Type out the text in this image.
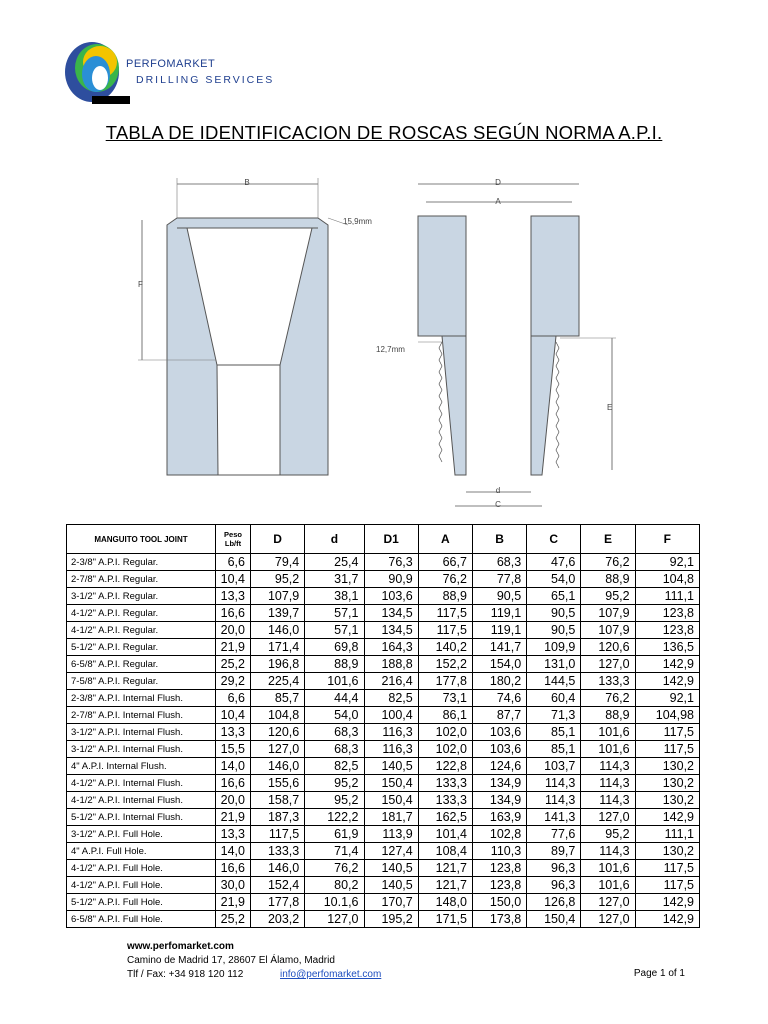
PERFOMARKET
DRILLING SERVICES
TABLA DE IDENTIFICACION DE ROSCAS SEGÚN NORMA A.P.I.
B
F
15,9mm
D
A
12,7mm
E
d
C
MANGUITO TOOL JOINT	Peso Lb/ft	D	d	D1	A	B	C	E	F
2-3/8" A.P.I. Regular.	6,6	79,4	25,4	76,3	66,7	68,3	47,6	76,2	92,1
2-7/8" A.P.I. Regular.	10,4	95,2	31,7	90,9	76,2	77,8	54,0	88,9	104,8
3-1/2" A.P.I. Regular.	13,3	107,9	38,1	103,6	88,9	90,5	65,1	95,2	111,1
4-1/2" A.P.I. Regular.	16,6	139,7	57,1	134,5	117,5	119,1	90,5	107,9	123,8
4-1/2" A.P.I. Regular.	20,0	146,0	57,1	134,5	117,5	119,1	90,5	107,9	123,8
5-1/2" A.P.I. Regular.	21,9	171,4	69,8	164,3	140,2	141,7	109,9	120,6	136,5
6-5/8" A.P.I. Regular.	25,2	196,8	88,9	188,8	152,2	154,0	131,0	127,0	142,9
7-5/8" A.P.I. Regular.	29,2	225,4	101,6	216,4	177,8	180,2	144,5	133,3	142,9
2-3/8" A.P.I. Internal Flush.	6,6	85,7	44,4	82,5	73,1	74,6	60,4	76,2	92,1
2-7/8" A.P.I. Internal Flush.	10,4	104,8	54,0	100,4	86,1	87,7	71,3	88,9	104,98
3-1/2" A.P.I. Internal Flush.	13,3	120,6	68,3	116,3	102,0	103,6	85,1	101,6	117,5
3-1/2" A.P.I. Internal Flush.	15,5	127,0	68,3	116,3	102,0	103,6	85,1	101,6	117,5
4" A.P.I. Internal Flush.	14,0	146,0	82,5	140,5	122,8	124,6	103,7	114,3	130,2
4-1/2" A.P.I. Internal Flush.	16,6	155,6	95,2	150,4	133,3	134,9	114,3	114,3	130,2
4-1/2" A.P.I. Internal Flush.	20,0	158,7	95,2	150,4	133,3	134,9	114,3	114,3	130,2
5-1/2" A.P.I. Internal Flush.	21,9	187,3	122,2	181,7	162,5	163,9	141,3	127,0	142,9
3-1/2" A.P.I. Full Hole.	13,3	117,5	61,9	113,9	101,4	102,8	77,6	95,2	111,1
4" A.P.I. Full Hole.	14,0	133,3	71,4	127,4	108,4	110,3	89,7	114,3	130,2
4-1/2" A.P.I. Full Hole.	16,6	146,0	76,2	140,5	121,7	123,8	96,3	101,6	117,5
4-1/2" A.P.I. Full Hole.	30,0	152,4	80,2	140,5	121,7	123,8	96,3	101,6	117,5
5-1/2" A.P.I. Full Hole.	21,9	177,8	10.1,6	170,7	148,0	150,0	126,8	127,0	142,9
6-5/8" A.P.I. Full Hole.	25,2	203,2	127,0	195,2	171,5	173,8	150,4	127,0	142,9
www.perfomarket.com
Camino de Madrid 17, 28607 El Álamo, Madrid
Tlf / Fax: +34 918 120 112	info@perfomarket.com	Page 1 of 1
